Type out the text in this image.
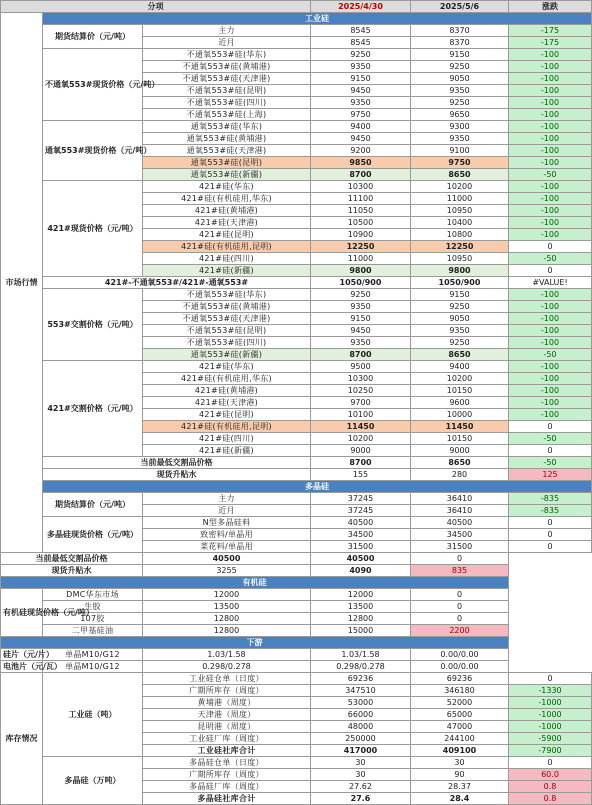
分项			2025/4/30	2025/5/6	涨跌
市场行情	工业硅				
	期货结算价（元/吨）	主力	8545	8370	-175
		近月	8545	8370	-175
	不通氧553#现货价格（元/吨）	不通氧553#硅(华东)	9250	9150	-100
		不通氧553#硅(黄埔港)	9350	9250	-100
		不通氧553#硅(天津港)	9150	9050	-100
		不通氧553#硅(昆明)	9450	9350	-100
		不通氧553#硅(四川)	9350	9250	-100
		不通氧553#硅(上海)	9750	9650	-100
	通氧553#现货价格（元/吨）	通氧553#硅(华东)	9400	9300	-100
		通氧553#硅(黄埔港)	9450	9350	-100
		通氧553#硅(天津港)	9200	9100	-100
		通氧553#硅(昆明)	9850	9750	-100
		通氧553#硅(新疆)	8700	8650	-50
	421#现货价格（元/吨）	421#硅(华东)	10300	10200	-100
		421#硅(有机硅用,华东)	11100	11000	-100
		421#硅(黄埔港)	11050	10950	-100
		421#硅(天津港)	10500	10400	-100
		421#硅(昆明)	10900	10800	-100
		421#硅(有机硅用,昆明)	12250	12250	0
		421#硅(四川)	11000	10950	-50
		421#硅(新疆)	9800	9800	0
	421#-不通氧553#/421#-通氧553#		1050/900	1050/900	#VALUE!
	553#交割价格（元/吨）	不通氧553#硅(华东)	9250	9150	-100
		不通氧553#硅(黄埔港)	9350	9250	-100
		不通氧553#硅(天津港)	9150	9050	-100
		不通氧553#硅(昆明)	9450	9350	-100
		不通氧553#硅(四川)	9350	9250	-100
		通氧553#硅(新疆)	8700	8650	-50
	421#交割价格（元/吨）	421#硅(华东)	9500	9400	-100
		421#硅(有机硅用,华东)	10300	10200	-100
		421#硅(黄埔港)	10250	10150	-100
		421#硅(天津港)	9700	9600	-100
		421#硅(昆明)	10100	10000	-100
		421#硅(有机硅用,昆明)	11450	11450	0
		421#硅(四川)	10200	10150	-50
		421#硅(新疆)	9000	9000	0
	当前最低交割品价格		8700	8650	-50
	现货升贴水		155	280	125
	多晶硅				
	期货结算价（元/吨）	主力	37245	36410	-835
		近月	37245	36410	-835
	多晶硅现货价格（元/吨）	N型多晶硅料	40500	40500	0
		致密料/单晶用	34500	34500	0
		菜花料/单晶用	31500	31500	0
当前最低交割品价格		40500	40500	0	
现货升贴水		3255	4090	835	
有机硅					
有机硅现货价格（元/吨）	DMC华东市场	12000	12000	0	
	生胶	13500	13500	0	
	107胶	12800	12800	0	
	二甲基硅油	12800	15000	2200	
下游					
硅片（元/片）	单晶M10/G12	1.03/1.58	1.03/1.58	0.00/0.00	
电池片（元/瓦）	单晶M10/G12	0.298/0.278	0.298/0.278	0.00/0.00	
库存情况	工业硅（吨）	工业硅仓单（日度）	69236	69236	0
		广期所库存（周度）	347510	346180	-1330
		黄埔港（周度）	53000	52000	-1000
		天津港（周度）	66000	65000	-1000
		昆明港（周度）	48000	47000	-1000
		工业硅厂库（周度）	250000	244100	-5900
		工业硅社库合计	417000	409100	-7900
	多晶硅（万吨）	多晶硅仓单（日度）	30	30	0
		广期所库存（周度）	30	90	60.0
		多晶硅厂库（周度）	27.62	28.37	0.8
		多晶硅社库合计	27.6	28.4	0.8
